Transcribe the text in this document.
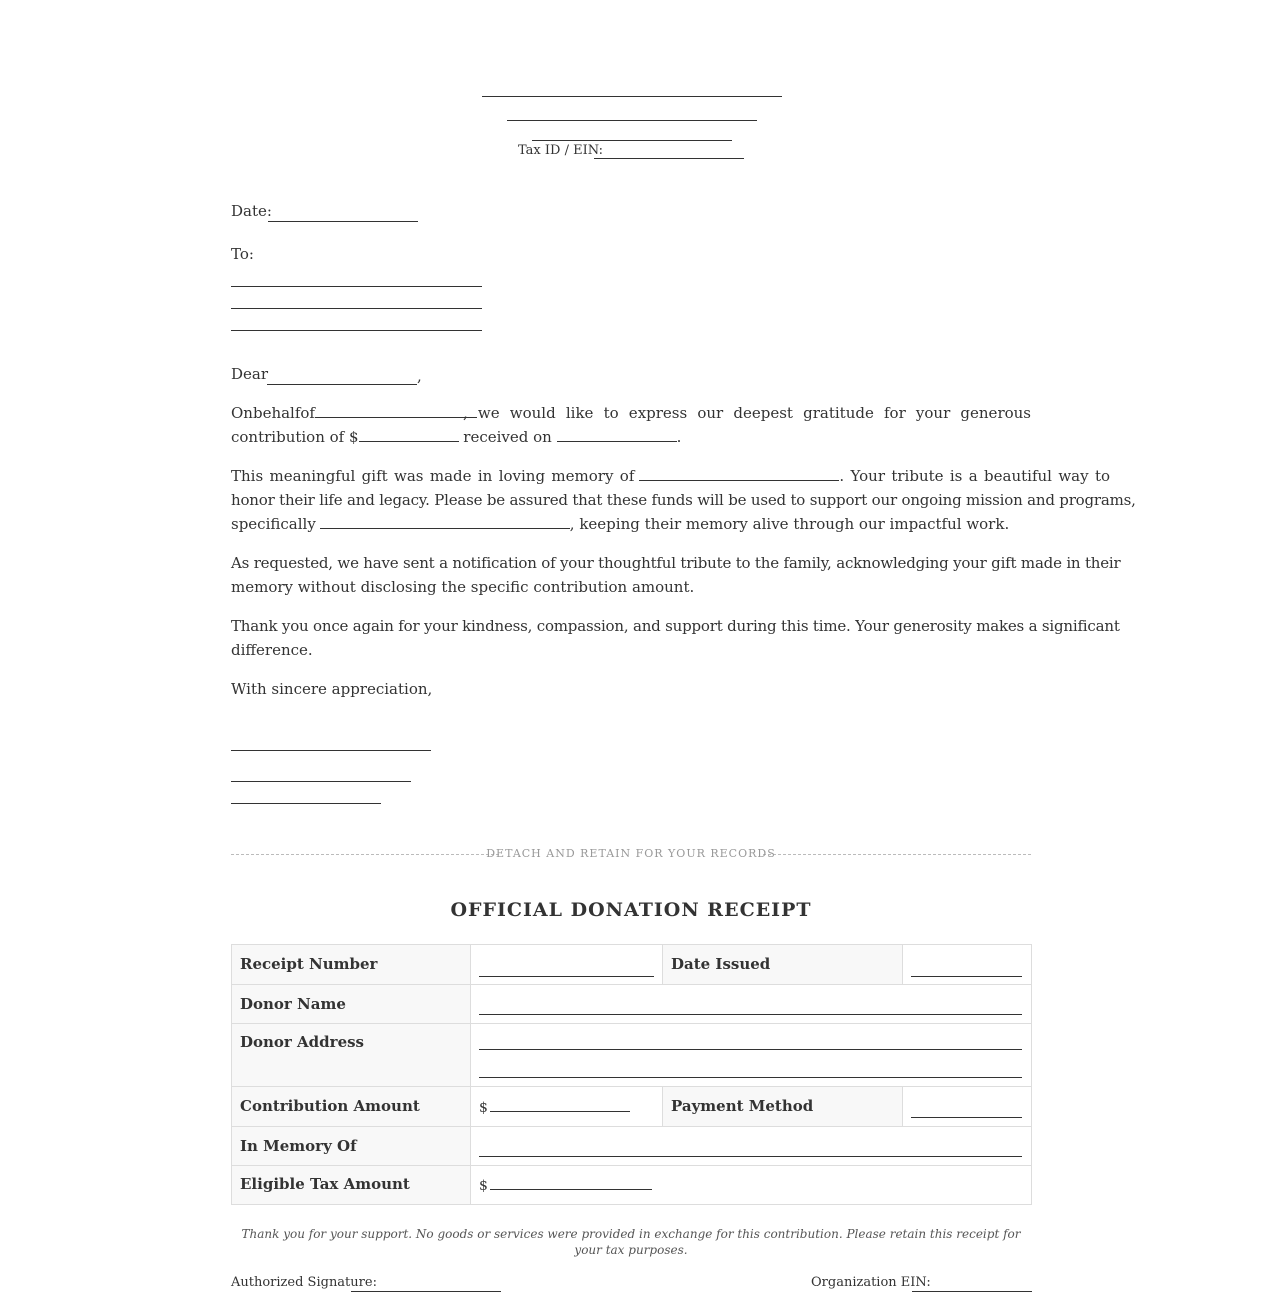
Tax ID / EIN:
Date:
To:
Dear	,
On behalf of	, we would like to express our deepest gratitude for your generous
contribution of $	received on	.
This meaningful gift was made in loving memory of	. Your tribute is a beautiful way to
honor their life and legacy. Please be assured that these funds will be used to support our ongoing mission and programs,
specifically	, keeping their memory alive through our impactful work.
As requested, we have sent a notification of your thoughtful tribute to the family, acknowledging your gift made in their
memory without disclosing the specific contribution amount.
Thank you once again for your kindness, compassion, and support during this time. Your generosity makes a significant
difference.
With sincere appreciation,
DETACH AND RETAIN FOR YOUR RECORDS
OFFICIAL DONATION RECEIPT
Receipt Number		Date Issued	

Donor Name			

Donor Address			

Contribution Amount	$	Payment Method	

In Memory Of			

Eligible Tax Amount	$		
Thank you for your support. No goods or services were provided in exchange for this contribution. Please retain this receipt for your tax purposes.
Authorized Signature:	Organization EIN:
